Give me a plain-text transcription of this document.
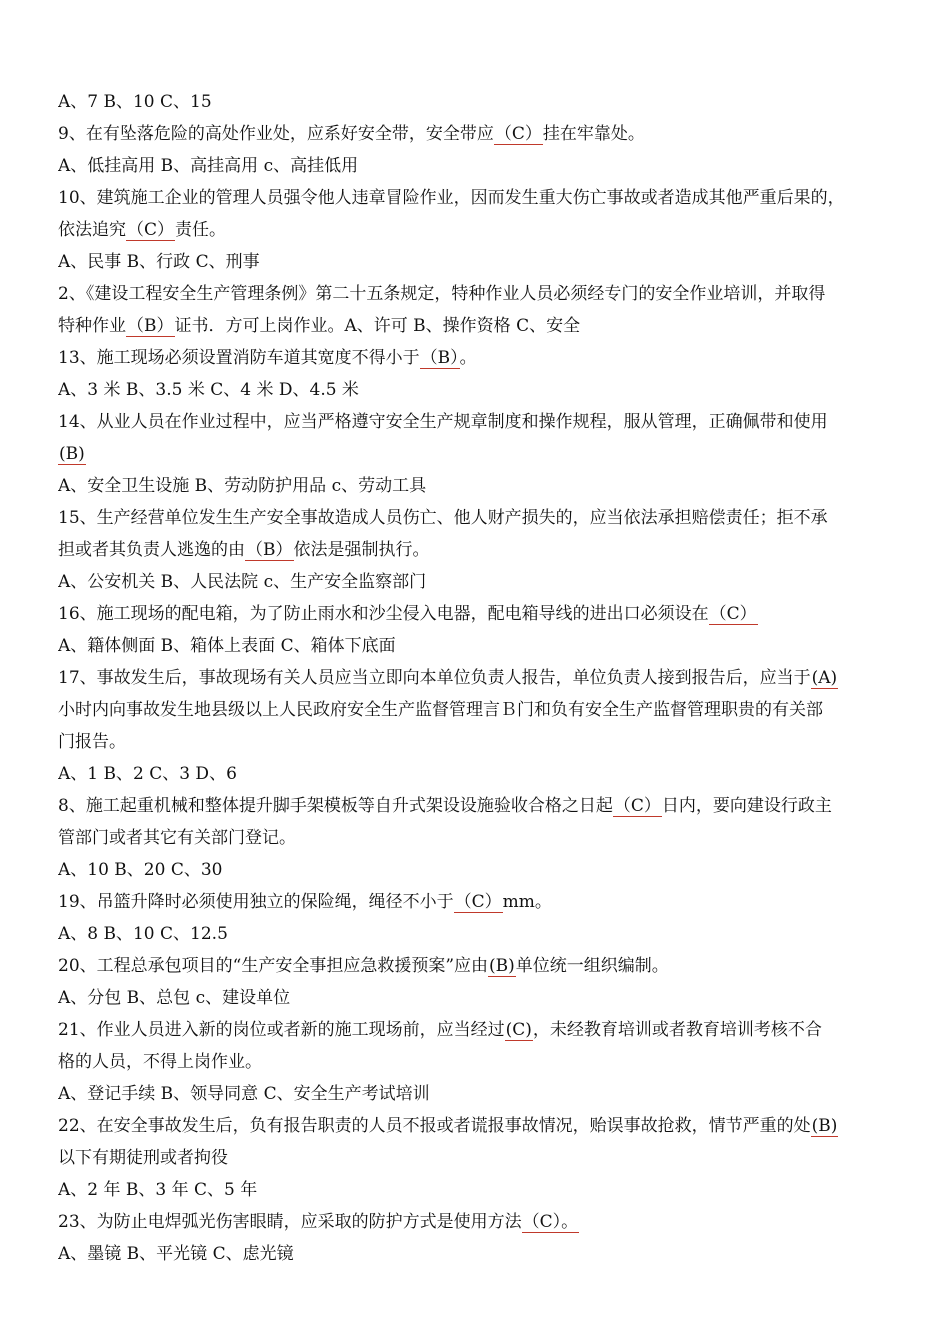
A、7 B、10 C、15
9、在有坠落危险的高处作业处，应系好安全带，安全带应（C）挂在牢靠处。
A、低挂高用 B、高挂高用 c、高挂低用
10、建筑施工企业的管理人员强令他人违章冒险作业，因而发生重大伤亡事故或者造成其他严重后果的，
依法追究（C）责任。
A、民事 B、行政 C、刑事
2、《建设工程安全生产管理条例》第二十五条规定，特种作业人员必须经专门的安全作业培训，并取得
特种作业（B）证书．方可上岗作业。A、许可 B、操作资格 C、安全
13、施工现场必须设置消防车道其宽度不得小于（B）。
A、3 米 B、3.5 米 C、4 米 D、4.5 米
14、从业人员在作业过程中，应当严格遵守安全生产规章制度和操作规程，服从管理，正确佩带和使用
(B)
A、安全卫生设施 B、劳动防护用品 c、劳动工具
15、生产经营单位发生生产安全事故造成人员伤亡、他人财产损失的，应当依法承担赔偿责任；拒不承
担或者其负责人逃逸的由（B）依法是强制执行。
A、公安机关 B、人民法院 c、生产安全监察部门
16、施工现场的配电箱，为了防止雨水和沙尘侵入电器，配电箱导线的进出口必须设在（C）
A、籍体侧面 B、箱体上表面 C、箱体下底面
17、事故发生后，事故现场有关人员应当立即向本单位负责人报告，单位负责人接到报告后，应当于(A)
小时内向事故发生地县级以上人民政府安全生产监督管理言Ｂ门和负有安全生产监督管理职贵的有关部
门报告。
A、1 B、2 C、3 D、6
8、施工起重机械和整体提升脚手架模板等自升式架设设施验收合格之日起（C）日内，要向建设行政主
管部门或者其它有关部门登记。
A、10 B、20 C、30
19、吊篮升降时必须使用独立的保险绳，绳径不小于（C）mm。
A、8 B、10 C、12.5
20、工程总承包项目的“生产安全事担应急救援预案”应由(B)单位统一组织编制。
A、分包 B、总包 c、建设单位
21、作业人员进入新的岗位或者新的施工现场前，应当经过(C)，未经教育培训或者教育培训考核不合
格的人员，不得上岗作业。
A、登记手续 B、领导同意 C、安全生产考试培训
22、在安全事故发生后，负有报告职责的人员不报或者谎报事故情况，贻误事故抢救，情节严重的处(B)
以下有期徒刑或者拘役
A、2 年 B、3 年 C、5 年
23、为防止电焊弧光伤害眼睛，应采取的防护方式是使用方法（C）。
A、墨镜 B、平光镜 C、虑光镜
